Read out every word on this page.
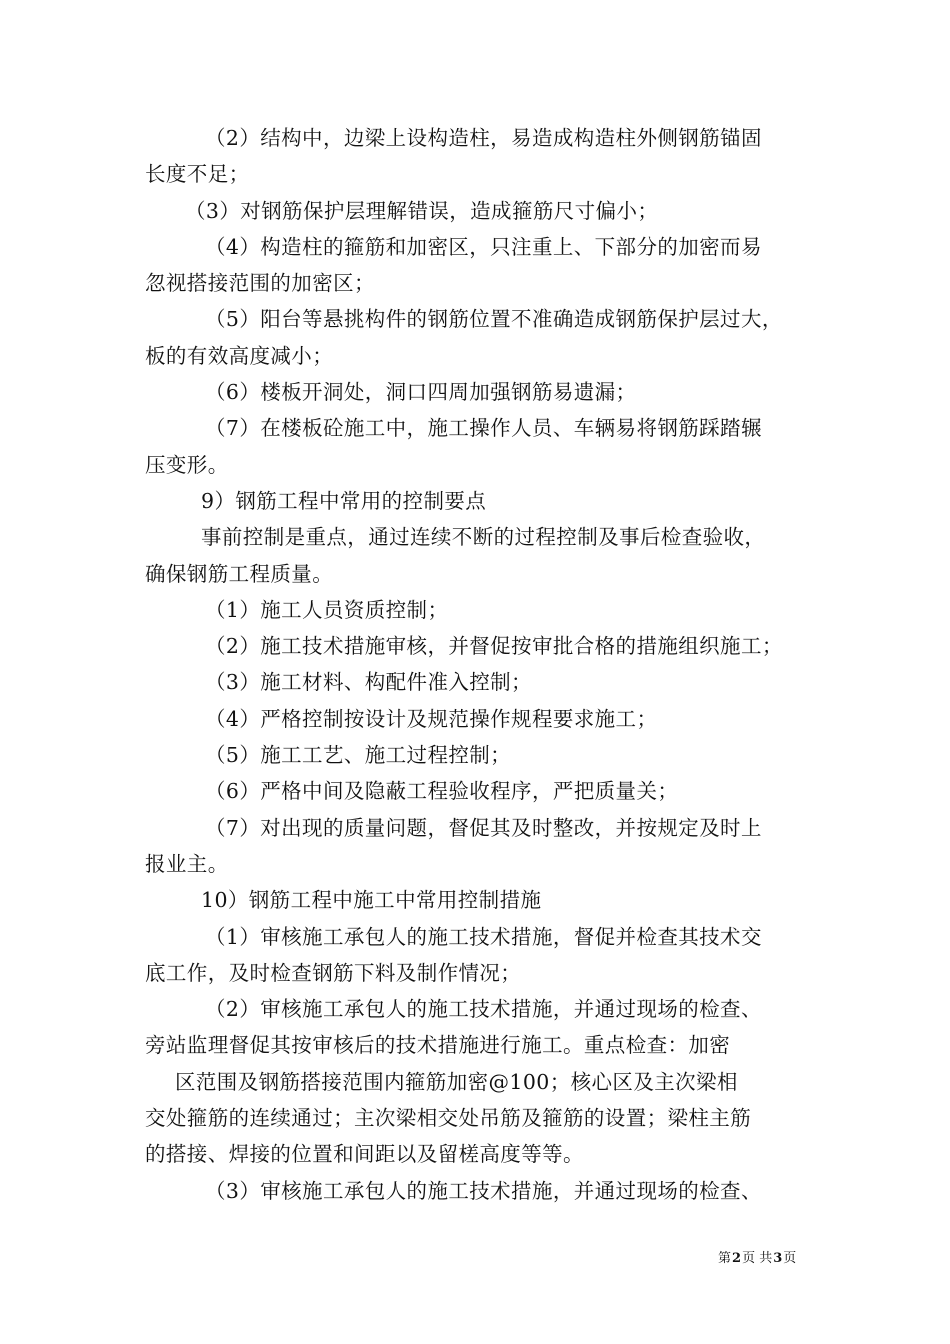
（2）结构中，边梁上设构造柱，易造成构造柱外侧钢筋锚固
长度不足；
（3）对钢筋保护层理解错误，造成箍筋尺寸偏小；
（4）构造柱的箍筋和加密区，只注重上、下部分的加密而易
忽视搭接范围的加密区；
（5）阳台等悬挑构件的钢筋位置不准确造成钢筋保护层过大，
板的有效高度减小；
（6）楼板开洞处，洞口四周加强钢筋易遗漏；
（7）在楼板砼施工中，施工操作人员、车辆易将钢筋踩踏辗
压变形。
9）钢筋工程中常用的控制要点
事前控制是重点，通过连续不断的过程控制及事后检查验收，
确保钢筋工程质量。
（1）施工人员资质控制；
（2）施工技术措施审核，并督促按审批合格的措施组织施工；
（3）施工材料、构配件准入控制；
（4）严格控制按设计及规范操作规程要求施工；
（5）施工工艺、施工过程控制；
（6）严格中间及隐蔽工程验收程序，严把质量关；
（7）对出现的质量问题，督促其及时整改，并按规定及时上
报业主。
10）钢筋工程中施工中常用控制措施
（1）审核施工承包人的施工技术措施，督促并检查其技术交
底工作，及时检查钢筋下料及制作情况；
（2）审核施工承包人的施工技术措施，并通过现场的检查、
旁站监理督促其按审核后的技术措施进行施工。重点检查：加密
区范围及钢筋搭接范围内箍筋加密@100；核心区及主次梁相
交处箍筋的连续通过；主次梁相交处吊筋及箍筋的设置；梁柱主筋
的搭接、焊接的位置和间距以及留槎高度等等。
（3）审核施工承包人的施工技术措施，并通过现场的检查、
第2页 共3页
